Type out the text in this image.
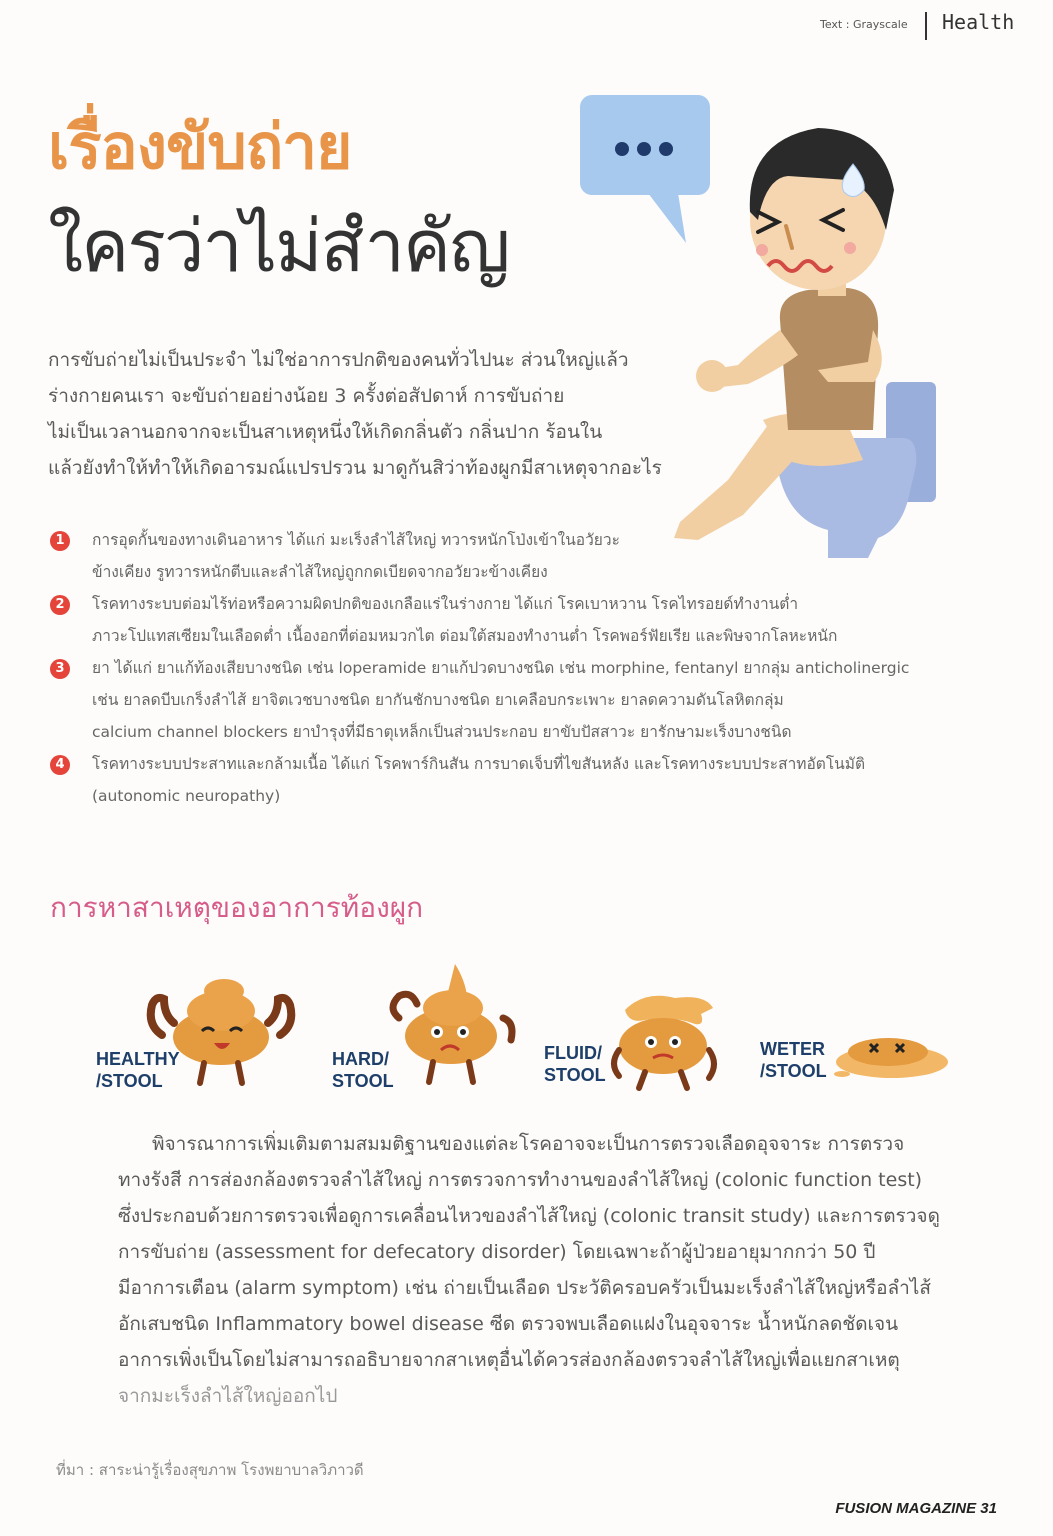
Text : Grayscale Health
เรื่องขับถ่าย
ใครว่าไม่สำคัญ

การขับถ่ายไม่เป็นประจำ ไม่ใช่อาการปกติของคนทั่วไปนะ ส่วนใหญ่แล้ว
ร่างกายคนเรา จะขับถ่ายอย่างน้อย 3 ครั้งต่อสัปดาห์ การขับถ่าย
ไม่เป็นเวลานอกจากจะเป็นสาเหตุหนึ่งให้เกิดกลิ่นตัว กลิ่นปาก ร้อนใน
แล้วยังทำให้ทำให้เกิดอารมณ์แปรปรวน มาดูกันสิว่าท้องผูกมีสาเหตุจากอะไร

1	การอุดกั้นของทางเดินอาหาร ได้แก่ มะเร็งลำไส้ใหญ่ ทวารหนักโป่งเข้าในอวัยวะ
ข้างเคียง รูทวารหนักตีบและลำไส้ใหญ่ถูกกดเบียดจากอวัยวะข้างเคียง
2	โรคทางระบบต่อมไร้ท่อหรือความผิดปกติของเกลือแร่ในร่างกาย ได้แก่ โรคเบาหวาน โรคไทรอยด์ทำงานต่ำ
ภาวะโปแทสเซียมในเลือดต่ำ เนื้องอกที่ต่อมหมวกไต ต่อมใต้สมองทำงานต่ำ โรคพอร์ฟัยเรีย และพิษจากโลหะหนัก
3	ยา ได้แก่ ยาแก้ท้องเสียบางชนิด เช่น loperamide ยาแก้ปวดบางชนิด เช่น morphine, fentanyl ยากลุ่ม anticholinergic
เช่น ยาลดบีบเกร็งลำไส้ ยาจิตเวชบางชนิด ยากันชักบางชนิด ยาเคลือบกระเพาะ ยาลดความดันโลหิตกลุ่ม
calcium channel blockers ยาบำรุงที่มีธาตุเหล็กเป็นส่วนประกอบ ยาขับปัสสาวะ ยารักษามะเร็งบางชนิด
4	โรคทางระบบประสาทและกล้ามเนื้อ ได้แก่ โรคพาร์กินสัน การบาดเจ็บที่ไขสันหลัง และโรคทางระบบประสาทอัตโนมัติ
(autonomic neuropathy)
การหาสาเหตุของอาการท้องผูก
HEALTHY
/STOOL
HARD/
STOOL
FLUID/
STOOL
WETER
/STOOL

พิจารณาการเพิ่มเติมตามสมมติฐานของแต่ละโรคอาจจะเป็นการตรวจเลือดอุจจาระ การตรวจ
ทางรังสี การส่องกล้องตรวจลำไส้ใหญ่ การตรวจการทำงานของลำไส้ใหญ่ (colonic function test)
ซึ่งประกอบด้วยการตรวจเพื่อดูการเคลื่อนไหวของลำไส้ใหญ่ (colonic transit study) และการตรวจดู
การขับถ่าย (assessment for defecatory disorder) โดยเฉพาะถ้าผู้ป่วยอายุมากกว่า 50 ปี
มีอาการเตือน (alarm symptom) เช่น ถ่ายเป็นเลือด ประวัติครอบครัวเป็นมะเร็งลำไส้ใหญ่หรือลำไส้
อักเสบชนิด Inflammatory bowel disease ซีด ตรวจพบเลือดแฝงในอุจจาระ น้ำหนักลดชัดเจน
อาการเพิ่งเป็นโดยไม่สามารถอธิบายจากสาเหตุอื่นได้ควรส่องกล้องตรวจลำไส้ใหญ่เพื่อแยกสาเหตุ
จากมะเร็งลำไส้ใหญ่ออกไป

ที่มา : สาระน่ารู้เรื่องสุขภาพ โรงพยาบาลวิภาวดี
FUSION MAGAZINE 31
